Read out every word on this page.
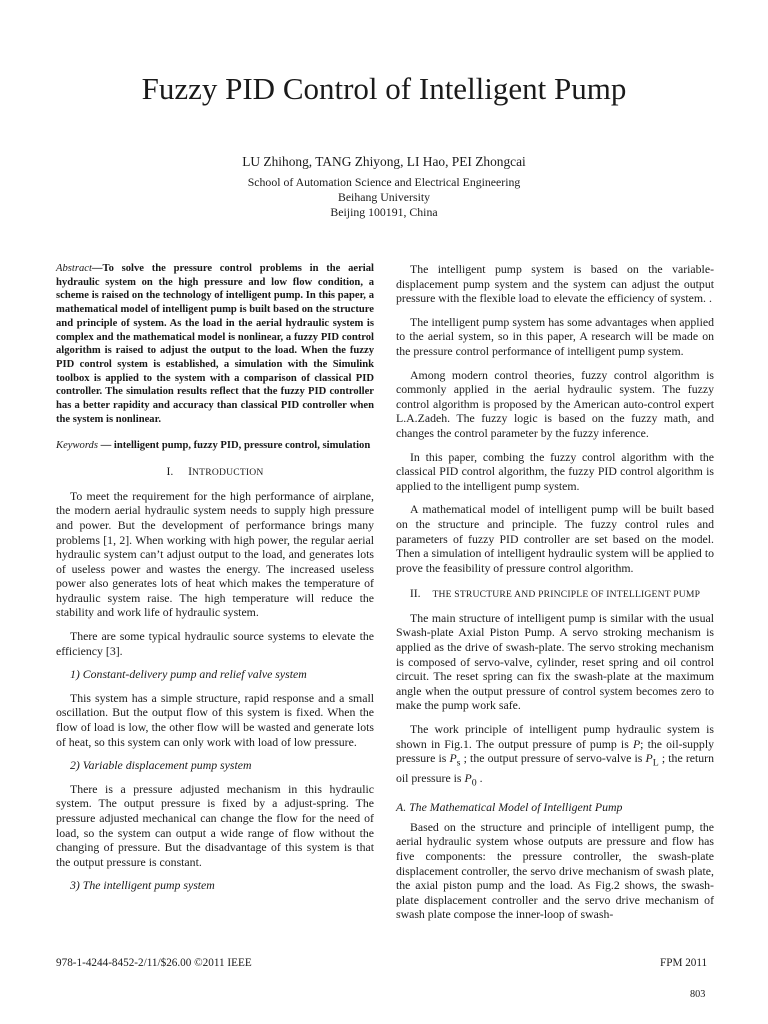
Fuzzy PID Control of Intelligent Pump
LU Zhihong, TANG Zhiyong, LI Hao, PEI Zhongcai
School of Automation Science and Electrical Engineering
Beihang University
Beijing 100191, China

Abstract—To solve the pressure control problems in the aerial hydraulic system on the high pressure and low flow condition, a scheme is raised on the technology of intelligent pump. In this paper, a mathematical model of intelligent pump is built based on the structure and principle of system. As the load in the aerial hydraulic system is complex and the mathematical model is nonlinear, a fuzzy PID control algorithm is raised to adjust the output to the load. When the fuzzy PID control system is established, a simulation with the Simulink toolbox is applied to the system with a comparison of classical PID controller. The simulation results reflect that the fuzzy PID controller has a better rapidity and accuracy than classical PID controller when the system is nonlinear.

Keywords — intelligent pump, fuzzy PID, pressure control, simulation

I. INTRODUCTION

To meet the requirement for the high performance of airplane, the modern aerial hydraulic system needs to supply high pressure and power. But the development of performance brings many problems [1, 2]. When working with high power, the regular aerial hydraulic system can’t adjust output to the load, and generates lots of useless power and wastes the energy. The increased useless power also generates lots of heat which makes the temperature of hydraulic system raise. The high temperature will reduce the stability and work life of hydraulic system.

There are some typical hydraulic source systems to elevate the efficiency [3].

1) Constant-delivery pump and relief valve system

This system has a simple structure, rapid response and a small oscillation. But the output flow of this system is fixed. When the flow of load is low, the other flow will be wasted and generate lots of heat, so this system can only work with load of low pressure.

2) Variable displacement pump system

There is a pressure adjusted mechanism in this hydraulic system. The output pressure is fixed by a adjust-spring. The pressure adjusted mechanical can change the flow for the need of load, so the system can output a wide range of flow without the changing of pressure. But the disadvantage of this system is that the output pressure is constant.

3) The intelligent pump system

The intelligent pump system is based on the variable-displacement pump system and the system can adjust the output pressure with the flexible load to elevate the efficiency of system. .

The intelligent pump system has some advantages when applied to the aerial system, so in this paper, A research will be made on the pressure control performance of intelligent pump system.

Among modern control theories, fuzzy control algorithm is commonly applied in the aerial hydraulic system. The fuzzy control algorithm is proposed by the American auto-control expert L.A.Zadeh. The fuzzy logic is based on the fuzzy math, and changes the control parameter by the fuzzy inference.

In this paper, combing the fuzzy control algorithm with the classical PID control algorithm, the fuzzy PID control algorithm is applied to the intelligent pump system.

A mathematical model of intelligent pump will be built based on the structure and principle. The fuzzy control rules and parameters of fuzzy PID controller are set based on the model. Then a simulation of intelligent hydraulic system will be applied to prove the feasibility of pressure control algorithm.

II. THE STRUCTURE AND PRINCIPLE OF INTELLIGENT PUMP

The main structure of intelligent pump is similar with the usual Swash-plate Axial Piston Pump. A servo stroking mechanism is applied as the drive of swash-plate. The servo stroking mechanism is composed of servo-valve, cylinder, reset spring and oil control circuit. The reset spring can fix the swash-plate at the maximum angle when the output pressure of control system becomes zero to make the pump work safe.

The work principle of intelligent pump hydraulic system is shown in Fig.1. The output pressure of pump is P; the oil-supply pressure is $P_s$ ; the output pressure of servo-valve is $P_L$ ; the return oil pressure is $P_0$ .

A. The Mathematical Model of Intelligent Pump

Based on the structure and principle of intelligent pump, the aerial hydraulic system whose outputs are pressure and flow has five components: the pressure controller, the swash-plate displacement controller, the servo drive mechanism of swash plate, the axial piston pump and the load. As Fig.2 shows, the swash-plate displacement controller and the servo drive mechanism of swash plate compose the inner-loop of swash-

978-1-4244-8452-2/11/$26.00 ©2011 IEEE	FPM 2011
803
